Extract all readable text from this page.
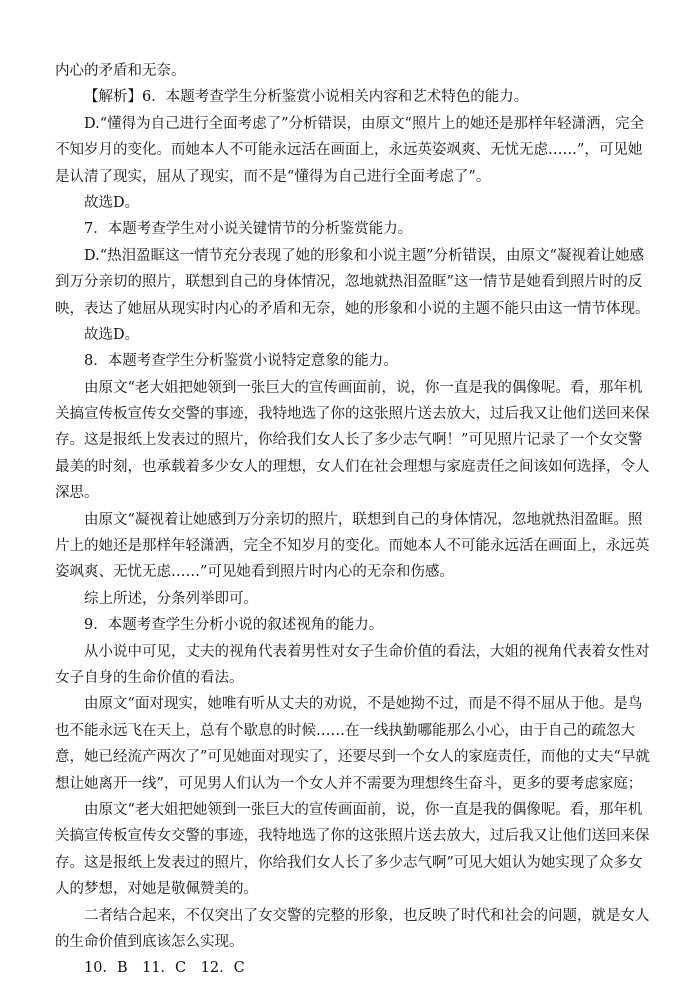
内心的矛盾和无奈。
【解析】6．本题考查学生分析鉴赏小说相关内容和艺术特色的能力。
D.“懂得为自己进行全面考虑了”分析错误，由原文“照片上的她还是那样年轻潇洒，完全
不知岁月的变化。而她本人不可能永远活在画面上，永远英姿飒爽、无忧无虑……”，可见她
是认清了现实，屈从了现实，而不是“懂得为自己进行全面考虑了”。
故选D。
7．本题考查学生对小说关键情节的分析鉴赏能力。
D.“热泪盈眶这一情节充分表现了她的形象和小说主题”分析错误，由原文“凝视着让她感
到万分亲切的照片，联想到自己的身体情况，忽地就热泪盈眶”这一情节是她看到照片时的反
映，表达了她屈从现实时内心的矛盾和无奈，她的形象和小说的主题不能只由这一情节体现。
故选D。
8．本题考查学生分析鉴赏小说特定意象的能力。
由原文“老大姐把她领到一张巨大的宣传画面前，说，你一直是我的偶像呢。看，那年机
关搞宣传板宣传女交警的事迹，我特地选了你的这张照片送去放大，过后我又让他们送回来保
存。这是报纸上发表过的照片，你给我们女人长了多少志气啊！”可见照片记录了一个女交警
最美的时刻，也承载着多少女人的理想，女人们在社会理想与家庭责任之间该如何选择，令人
深思。
由原文“凝视着让她感到万分亲切的照片，联想到自己的身体情况，忽地就热泪盈眶。照
片上的她还是那样年轻潇洒，完全不知岁月的变化。而她本人不可能永远活在画面上，永远英
姿飒爽、无忧无虑……”可见她看到照片时内心的无奈和伤感。
综上所述，分条列举即可。
9．本题考查学生分析小说的叙述视角的能力。
从小说中可见，丈夫的视角代表着男性对女子生命价值的看法，大姐的视角代表着女性对
女子自身的生命价值的看法。
由原文“面对现实，她唯有听从丈夫的劝说，不是她拗不过，而是不得不屈从于他。是鸟
也不能永远飞在天上，总有个歇息的时候……在一线执勤哪能那么小心，由于自己的疏忽大
意，她已经流产两次了”可见她面对现实了，还要尽到一个女人的家庭责任，而他的丈夫“早就
想让她离开一线”，可见男人们认为一个女人并不需要为理想终生奋斗，更多的要考虑家庭；
由原文“老大姐把她领到一张巨大的宣传画面前，说，你一直是我的偶像呢。看，那年机
关搞宣传板宣传女交警的事迹，我特地选了你的这张照片送去放大，过后我又让他们送回来保
存。这是报纸上发表过的照片，你给我们女人长了多少志气啊”可见大姐认为她实现了众多女
人的梦想，对她是敬佩赞美的。
二者结合起来，不仅突出了女交警的完整的形象，也反映了时代和社会的问题，就是女人
的生命价值到底该怎么实现。
10．B　11．C　12．C
